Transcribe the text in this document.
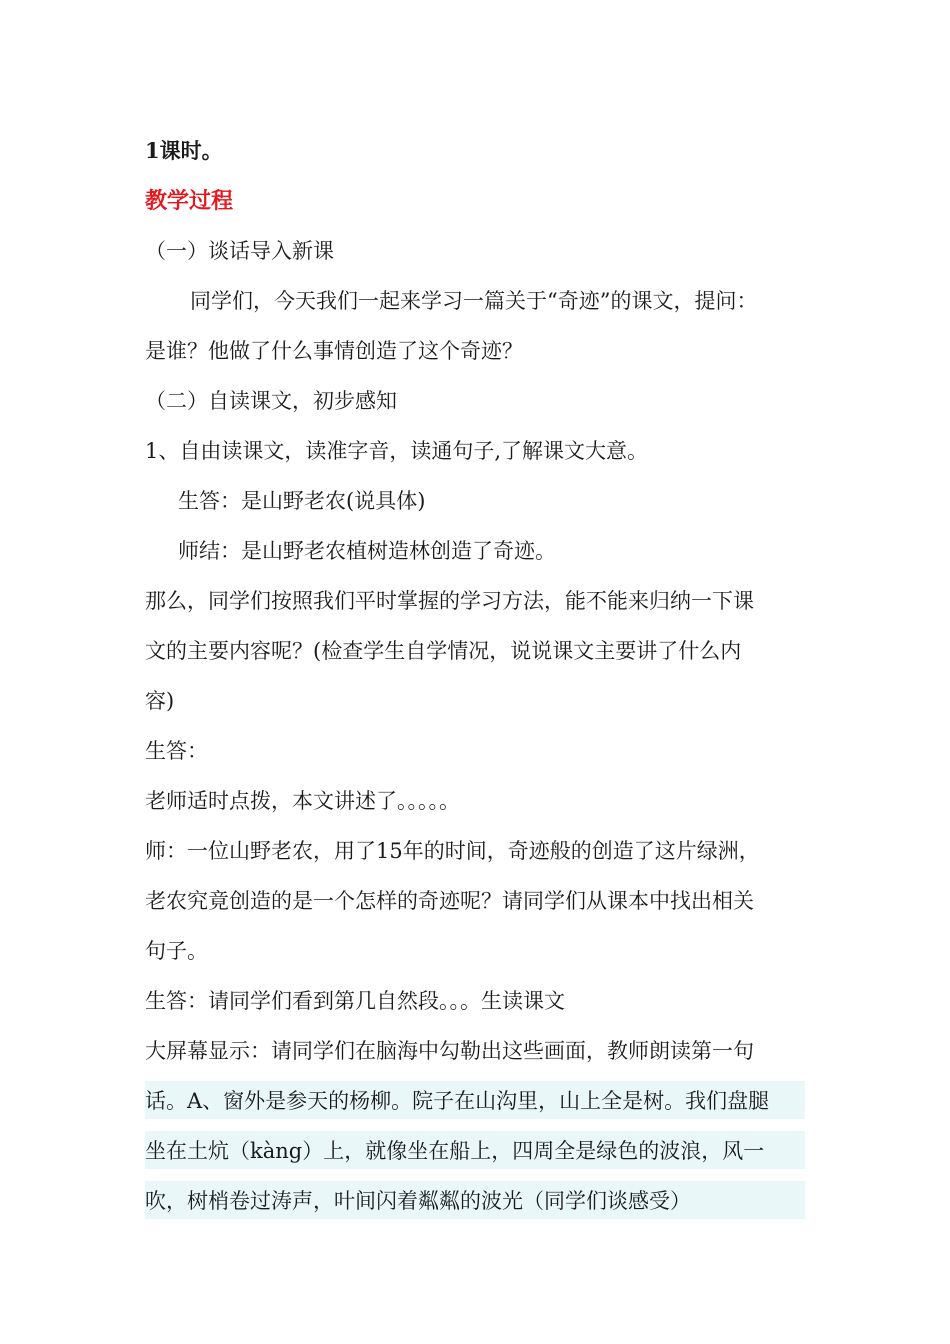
1课时。
教学过程
（一）谈话导入新课
同学们，今天我们一起来学习一篇关于“奇迹”的课文，提问：
是谁？他做了什么事情创造了这个奇迹？
（二）自读课文，初步感知
1、自由读课文，读准字音，读通句子,了解课文大意。
生答：是山野老农(说具体)
师结：是山野老农植树造林创造了奇迹。
那么，同学们按照我们平时掌握的学习方法，能不能来归纳一下课
文的主要内容呢？(检查学生自学情况，说说课文主要讲了什么内
容)
生答：
老师适时点拨，本文讲述了。。。。。
师：一位山野老农，用了15年的时间，奇迹般的创造了这片绿洲，
老农究竟创造的是一个怎样的奇迹呢？请同学们从课本中找出相关
句子。
生答：请同学们看到第几自然段。。。生读课文
大屏幕显示：请同学们在脑海中勾勒出这些画面，教师朗读第一句
话。A、窗外是参天的杨柳。院子在山沟里，山上全是树。我们盘腿
坐在土炕（kàng）上，就像坐在船上，四周全是绿色的波浪，风一
吹，树梢卷过涛声，叶间闪着粼粼的波光（同学们谈感受）
